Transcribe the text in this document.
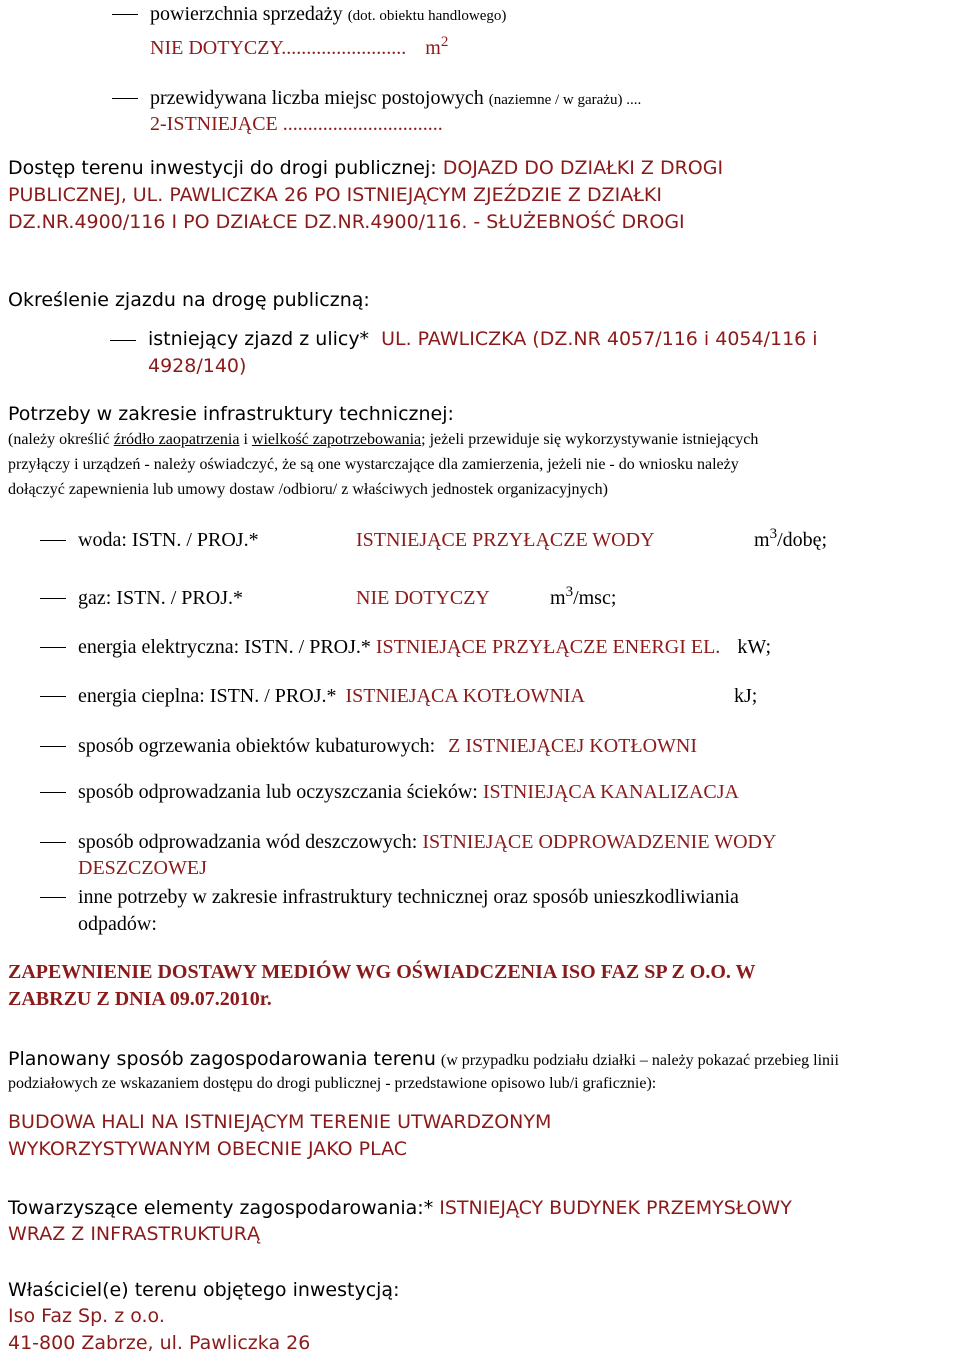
powierzchnia sprzedaży (dot. obiektu handlowego)
NIE DOTYCZY......................... $m^2$
przewidywana liczba miejsc postojowych (naziemne / w garażu) ....
2-ISTNIEJĄCE ................................
Dostęp terenu inwestycji do drogi publicznej: DOJAZD DO DZIAŁKI Z DROGI
PUBLICZNEJ, UL. PAWLICZKA 26 PO ISTNIEJĄCYM ZJEŹDZIE Z DZIAŁKI
DZ.NR.4900/116 I PO DZIAŁCE DZ.NR.4900/116. - SŁUŻEBNOŚĆ DROGI
Określenie zjazdu na drogę publiczną:
istniejący zjazd z ulicy* UL. PAWLICZKA (DZ.NR 4057/116 i 4054/116 i
4928/140)
Potrzeby w zakresie infrastruktury technicznej:
(należy określić źródło zaopatrzenia i wielkość zapotrzebowania; jeżeli przewiduje się wykorzystywanie istniejących
przyłączy i urządzeń - należy oświadczyć, że są one wystarczające dla zamierzenia, jeżeli nie - do wniosku należy
dołączyć zapewnienia lub umowy dostaw /odbioru/ z właściwych jednostek organizacyjnych)
woda: ISTN. / PROJ.*	ISTNIEJĄCE PRZYŁĄCZE WODY	$m^3$/dobę;
gaz: ISTN. / PROJ.*	NIE DOTYCZY	$m^3$/msc;
energia elektryczna: ISTN. / PROJ.* ISTNIEJĄCE PRZYŁĄCZE ENERGI EL. kW;
energia cieplna: ISTN. / PROJ.* ISTNIEJĄCA KOTŁOWNIA	kJ;
sposób ogrzewania obiektów kubaturowych: Z ISTNIEJĄCEJ KOTŁOWNI
sposób odprowadzania lub oczyszczania ścieków: ISTNIEJĄCA KANALIZACJA
sposób odprowadzania wód deszczowych: ISTNIEJĄCE ODPROWADZENIE WODY
DESZCZOWEJ
inne potrzeby w zakresie infrastruktury technicznej oraz sposób unieszkodliwiania
odpadów:
ZAPEWNIENIE DOSTAWY MEDIÓW WG OŚWIADCZENIA ISO FAZ SP Z O.O. W
ZABRZU Z DNIA 09.07.2010r.
Planowany sposób zagospodarowania terenu (w przypadku podziału działki – należy pokazać przebieg linii
podziałowych ze wskazaniem dostępu do drogi publicznej - przedstawione opisowo lub/i graficznie):
BUDOWA HALI NA ISTNIEJĄCYM TERENIE UTWARDZONYM
WYKORZYSTYWANYM OBECNIE JAKO PLAC
Towarzyszące elementy zagospodarowania:* ISTNIEJĄCY BUDYNEK PRZEMYSŁOWY
WRAZ Z INFRASTRUKTURĄ
Właściciel(e) terenu objętego inwestycją:
Iso Faz Sp. z o.o.
41-800 Zabrze, ul. Pawliczka 26
